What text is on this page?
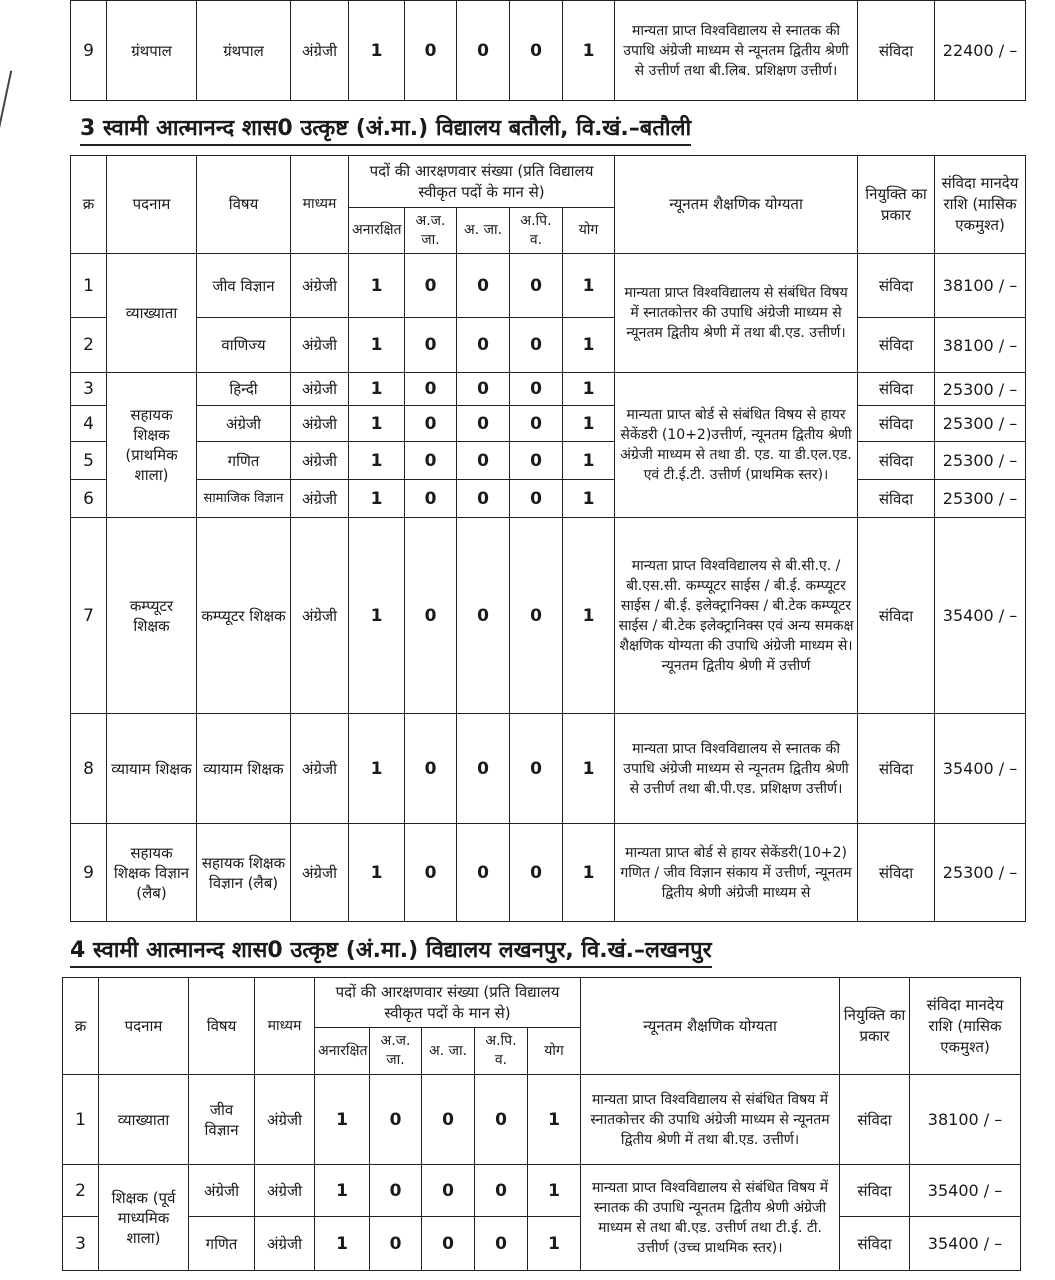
9	ग्रंथपाल	ग्रंथपाल	अंग्रेजी	1	0	0	0	1	मान्यता प्राप्त विश्वविद्यालय से स्नातक की उपाधि अंग्रेजी माध्यम से न्यूनतम द्वितीय श्रेणी से उत्तीर्ण तथा बी.लिब. प्रशिक्षण उत्तीर्ण।	संविदा	22400 / –
3 स्वामी आत्मानन्द शास0 उत्कृष्ट (अं.मा.) विद्यालय बतौली, वि.खं.–बतौली
क्र	पदनाम	विषय	माध्यम	पदों की आरक्षणवार संख्या (प्रति विद्यालय स्वीकृत पदों के मान से)					न्यूनतम शैक्षणिक योग्यता	नियुक्ति का प्रकार	संविदा मानदेय राशि (मासिक एकमुश्त)
				अनारक्षित	अ.ज. जा.	अ. जा.	अ.पि. व.	योग			
1	व्याख्याता	जीव विज्ञान	अंग्रेजी	1	0	0	0	1	मान्यता प्राप्त विश्वविद्यालय से संबंधित विषय में स्नातकोत्तर की उपाधि अंग्रेजी माध्यम से न्यूनतम द्वितीय श्रेणी में तथा बी.एड. उत्तीर्ण।	संविदा	38100 / –
2		वाणिज्य	अंग्रेजी	1	0	0	0	1		संविदा	38100 / –
3	सहायक शिक्षक (प्राथमिक शाला)	हिन्दी	अंग्रेजी	1	0	0	0	1	मान्यता प्राप्त बोर्ड से संबंधित विषय से हायर सेकेंडरी (10+2)उत्तीर्ण, न्यूनतम द्वितीय श्रेणी अंग्रेजी माध्यम से तथा डी. एड. या डी.एल.एड. एवं टी.ई.टी. उत्तीर्ण (प्राथमिक स्तर)।	संविदा	25300 / –
4		अंग्रेजी	अंग्रेजी	1	0	0	0	1		संविदा	25300 / –
5		गणित	अंग्रेजी	1	0	0	0	1		संविदा	25300 / –
6		सामाजिक विज्ञान	अंग्रेजी	1	0	0	0	1		संविदा	25300 / –
7	कम्प्यूटर शिक्षक	कम्प्यूटर शिक्षक	अंग्रेजी	1	0	0	0	1	मान्यता प्राप्त विश्वविद्यालय से बी.सी.ए. / बी.एस.सी. कम्प्यूटर साईस / बी.ई. कम्प्यूटर साईस / बी.ई. इलेक्ट्रानिक्स / बी.टेक कम्प्यूटर साईस / बी.टेक इलेक्ट्रानिक्स एवं अन्य समकक्ष शैक्षणिक योग्यता की उपाधि अंग्रेजी माध्यम से। न्यूनतम द्वितीय श्रेणी में उत्तीर्ण	संविदा	35400 / –
8	व्यायाम शिक्षक	व्यायाम शिक्षक	अंग्रेजी	1	0	0	0	1	मान्यता प्राप्त विश्वविद्यालय से स्नातक की उपाधि अंग्रेजी माध्यम से न्यूनतम द्वितीय श्रेणी से उत्तीर्ण तथा बी.पी.एड. प्रशिक्षण उत्तीर्ण।	संविदा	35400 / –
9	सहायक शिक्षक विज्ञान (लैब)	सहायक शिक्षक विज्ञान (लैब)	अंग्रेजी	1	0	0	0	1	मान्यता प्राप्त बोर्ड से हायर सेकेंडरी(10+2) गणित / जीव विज्ञान संकाय में उत्तीर्ण, न्यूनतम द्वितीय श्रेणी अंग्रेजी माध्यम से	संविदा	25300 / –
4 स्वामी आत्मानन्द शास0 उत्कृष्ट (अं.मा.) विद्यालय लखनपुर, वि.खं.–लखनपुर
क्र	पदनाम	विषय	माध्यम	पदों की आरक्षणवार संख्या (प्रति विद्यालय स्वीकृत पदों के मान से)					न्यूनतम शैक्षणिक योग्यता	नियुक्ति का प्रकार	संविदा मानदेय राशि (मासिक एकमुश्त)
				अनारक्षित	अ.ज. जा.	अ. जा.	अ.पि. व.	योग			
1	व्याख्याता	जीव विज्ञान	अंग्रेजी	1	0	0	0	1	मान्यता प्राप्त विश्वविद्यालय से संबंधित विषय में स्नातकोत्तर की उपाधि अंग्रेजी माध्यम से न्यूनतम द्वितीय श्रेणी में तथा बी.एड. उत्तीर्ण।	संविदा	38100 / –
2	शिक्षक (पूर्व माध्यमिक शाला)	अंग्रेजी	अंग्रेजी	1	0	0	0	1	मान्यता प्राप्त विश्वविद्यालय से संबंधित विषय में स्नातक की उपाधि न्यूनतम द्वितीय श्रेणी अंग्रेजी माध्यम से तथा बी.एड. उत्तीर्ण तथा टी.ई. टी. उत्तीर्ण (उच्च प्राथमिक स्तर)।	संविदा	35400 / –
3		गणित	अंग्रेजी	1	0	0	0	1		संविदा	35400 / –
